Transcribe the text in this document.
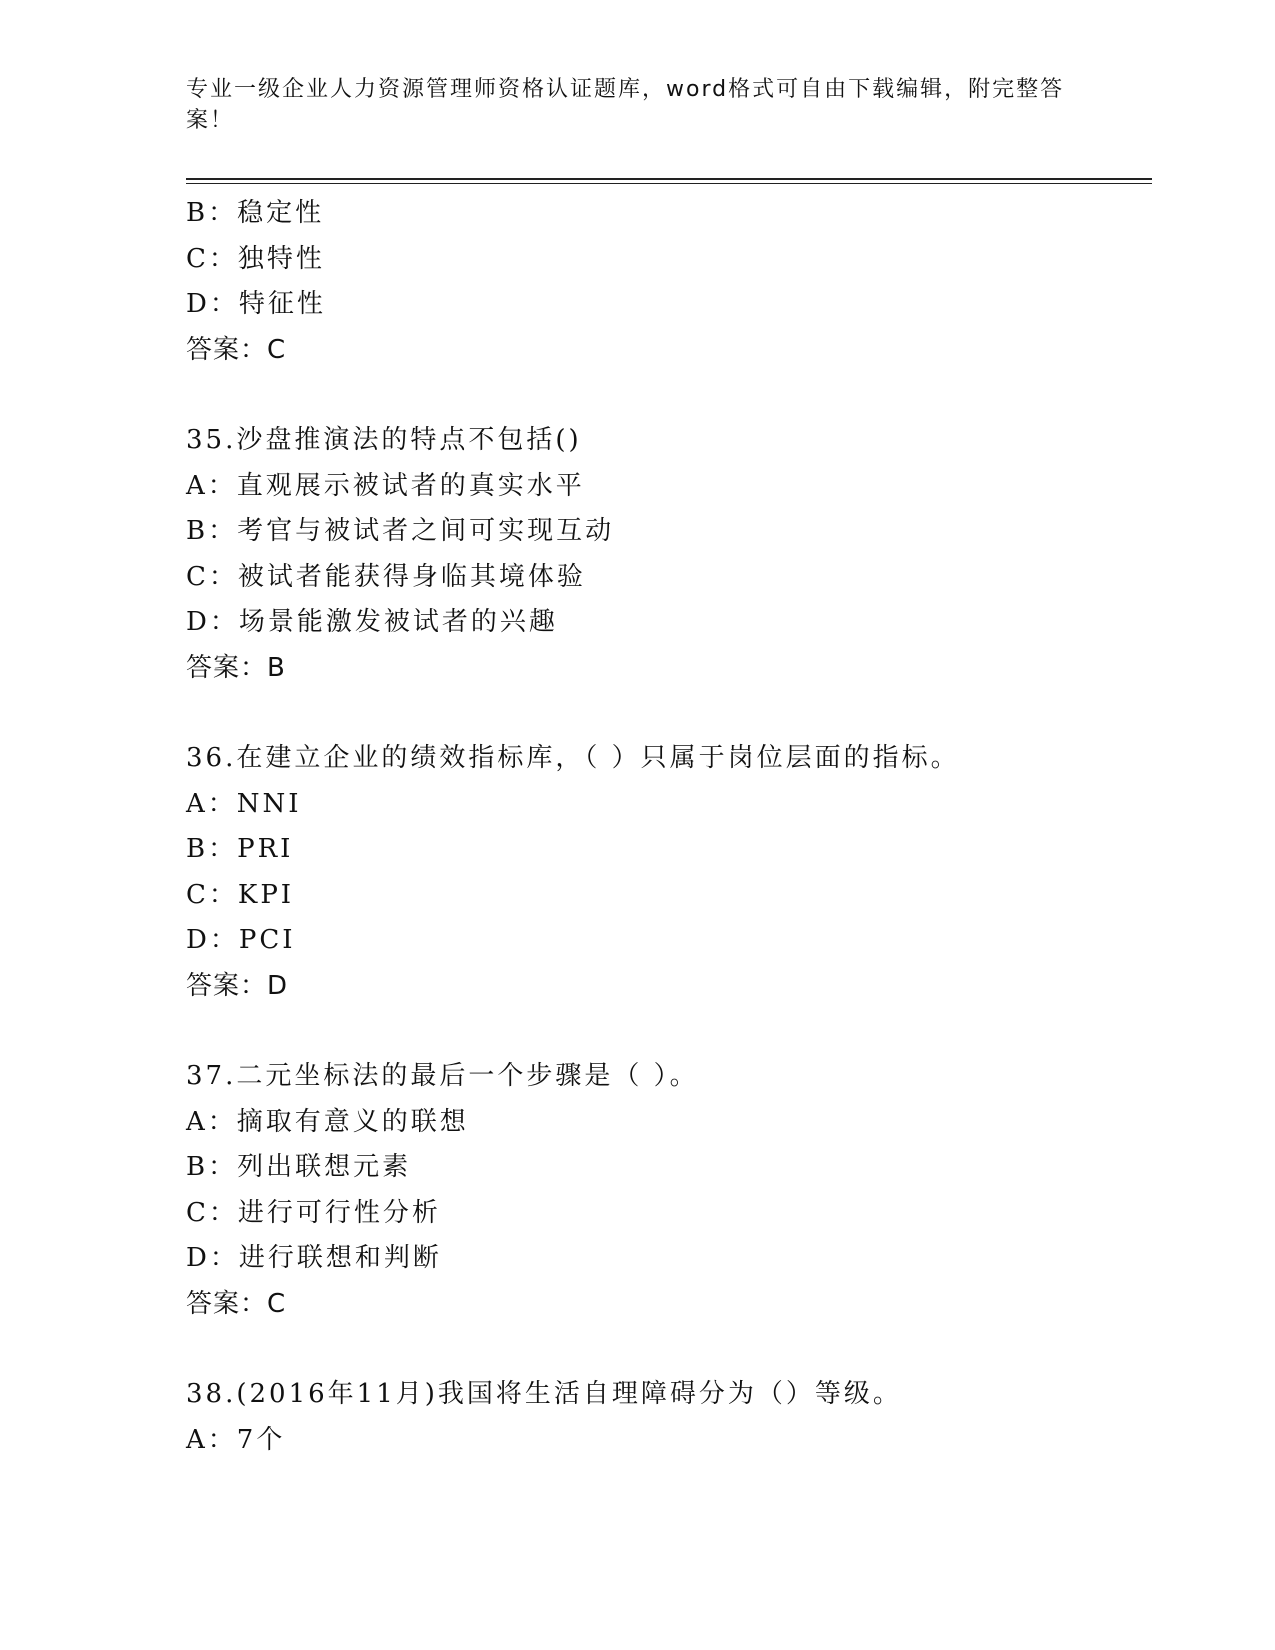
专业一级企业人力资源管理师资格认证题库，word格式可自由下载编辑，附完整答案！
B：稳定性
C：独特性
D：特征性
答案：C
35.沙盘推演法的特点不包括()
A：直观展示被试者的真实水平
B：考官与被试者之间可实现互动
C：被试者能获得身临其境体验
D：场景能激发被试者的兴趣
答案：B
36.在建立企业的绩效指标库，（ ）只属于岗位层面的指标。
A：NNI
B：PRI
C：KPI
D：PCI
答案：D
37.二元坐标法的最后一个步骤是（ ）。
A：摘取有意义的联想
B：列出联想元素
C：进行可行性分析
D：进行联想和判断
答案：C
38.(2016年11月)我国将生活自理障碍分为（）等级。
A：7个
